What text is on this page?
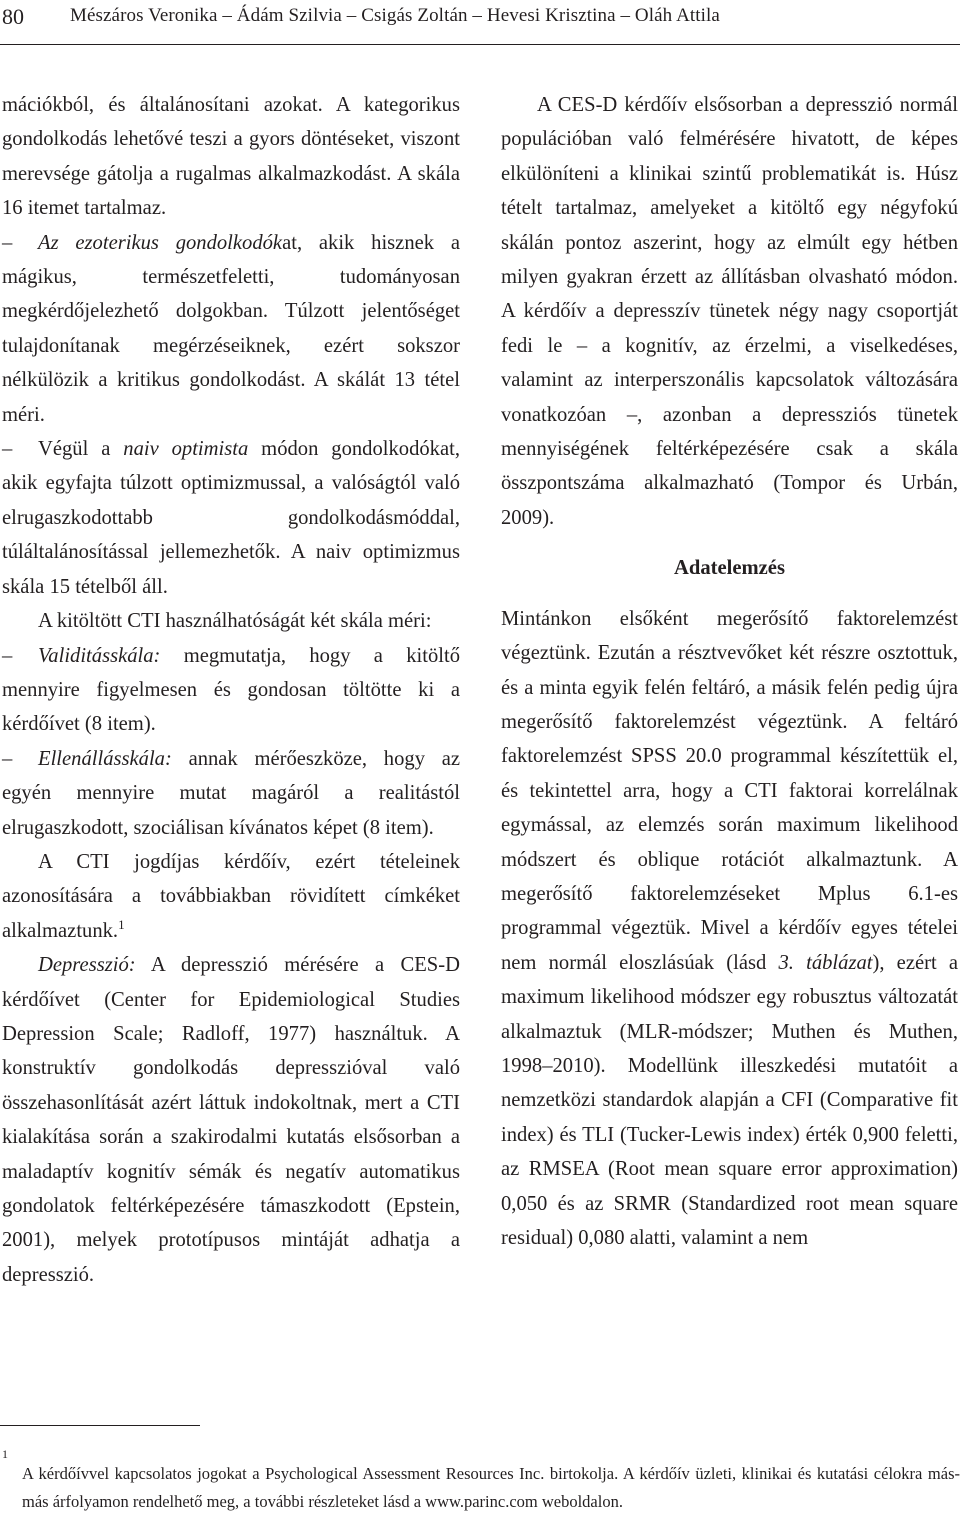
80 Mészáros Veronika – Ádám Szilvia – Csigás Zoltán – Hevesi Krisztina – Oláh Attila

mációkból, és általánosítani azokat. A kategorikus gondolkodás lehetővé teszi a gyors döntéseket, viszont merevsége gátolja a rugalmas alkalmazkodást. A skála 16 itemet tartalmaz.

– Az ezoterikus gondolkodókat, akik hisznek a mágikus, természetfeletti, tudományosan megkérdőjelezhető dolgokban. Túlzott jelentőséget tulajdonítanak megérzéseiknek, ezért sokszor nélkülözik a kritikus gondolkodást. A skálát 13 tétel méri.

– Végül a naiv optimista módon gondolkodókat, akik egyfajta túlzott optimizmussal, a valóságtól való elrugaszkodottabb gondolkodásmóddal, túláltalánosítással jellemezhetők. A naiv optimizmus skála 15 tételből áll.

A kitöltött CTI használhatóságát két skála méri:

– Validitásskála: megmutatja, hogy a kitöltő mennyire figyelmesen és gondosan töltötte ki a kérdőívet (8 item).

– Ellenállásskála: annak mérőeszköze, hogy az egyén mennyire mutat magáról a realitástól elrugaszkodott, szociálisan kívánatos képet (8 item).

A CTI jogdíjas kérdőív, ezért tételeinek azonosítására a továbbiakban rövidített címkéket alkalmaztunk.$^1$

Depresszió: A depresszió mérésére a CES-D kérdőívet (Center for Epidemiological Studies Depression Scale; Radloff, 1977) használtuk. A konstruktív gondolkodás depresszióval való összehasonlítását azért láttuk indokoltnak, mert a CTI kialakítása során a szakirodalmi kutatás elsősorban a maladaptív kognitív sémák és negatív automatikus gondolatok feltérképezésére támaszkodott (Epstein, 2001), melyek prototípusos mintáját adhatja a depresszió.

A CES-D kérdőív elsősorban a depresszió normál populációban való felmérésére hivatott, de képes elkülöníteni a klinikai szintű problematikát is. Húsz tételt tartalmaz, amelyeket a kitöltő egy négyfokú skálán pontoz aszerint, hogy az elmúlt egy hétben milyen gyakran érzett az állításban olvasható módon. A kérdőív a depresszív tünetek négy nagy csoportját fedi le – a kognitív, az érzelmi, a viselkedéses, valamint az interperszonális kapcsolatok változására vonatkozóan –, azonban a depressziós tünetek mennyiségének feltérképezésére csak a skála összpontszáma alkalmazható (Tompor és Urbán, 2009).

Adatelemzés

Mintánkon elsőként megerősítő faktorelemzést végeztünk. Ezután a résztvevőket két részre osztottuk, és a minta egyik felén feltáró, a másik felén pedig újra megerősítő faktorelemzést végeztünk. A feltáró faktorelemzést SPSS 20.0 programmal készítettük el, és tekintettel arra, hogy a CTI faktorai korrelálnak egymással, az elemzés során maximum likelihood módszert és oblique rotációt alkalmaztunk. A megerősítő faktorelemzéseket Mplus 6.1-es programmal végeztük. Mivel a kérdőív egyes tételei nem normál eloszlásúak (lásd 3. táblázat), ezért a maximum likelihood módszer egy robusztus változatát alkalmaztuk (MLR-módszer; Muthen és Muthen, 1998–2010). Modellünk illeszkedési mutatóit a nemzetközi standardok alapján a CFI (Comparative fit index) és TLI (Tucker-Lewis index) érték 0,900 feletti, az RMSEA (Root mean square error approximation) 0,050 és az SRMR (Standardized root mean square residual) 0,080 alatti, valamint a nem

1
A kérdőívvel kapcsolatos jogokat a Psychological Assessment Resources Inc. birtokolja. A kérdőív üzleti, klinikai és kutatási célokra más-más árfolyamon rendelhető meg, a további részleteket lásd a www.parinc.com weboldalon.
